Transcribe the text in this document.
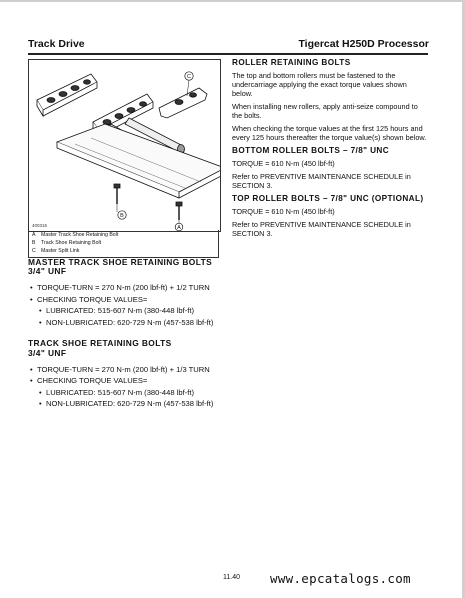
Track Drive	Tigercat H250D Processor
C
B
A
400315
A Master Track Shoe Retaining Bolt
B Track Shoe Retaining Bolt
C Master Split Link
MASTER TRACK SHOE RETAINING BOLTS
3/4" UNF
• TORQUE-TURN = 270 N-m (200 lbf-ft) + 1/2 TURN
• CHECKING TORQUE VALUES=
• LUBRICATED: 515-607 N-m (380-448 lbf-ft)
• NON-LUBRICATED: 620-729 N-m (457-538 lbf-ft)
TRACK SHOE RETAINING BOLTS
3/4" UNF
• TORQUE-TURN = 270 N-m (200 lbf-ft) + 1/3 TURN
• CHECKING TORQUE VALUES=
• LUBRICATED: 515-607 N-m (380-448 lbf-ft)
• NON-LUBRICATED: 620-729 N-m (457-538 lbf-ft)
ROLLER RETAINING BOLTS
The top and bottom rollers must be fastened to the undercarriage applying the exact torque values shown below.
When installing new rollers, apply anti-seize compound to the bolts.
When checking the torque values at the first 125 hours and every 125 hours thereafter the torque value(s) shown below.
BOTTOM ROLLER BOLTS – 7/8" UNC
TORQUE = 610 N-m (450 lbf-ft)
Refer to PREVENTIVE MAINTENANCE SCHEDULE in SECTION 3.
TOP ROLLER BOLTS – 7/8" UNC (OPTIONAL)
TORQUE = 610 N-m (450 lbf-ft)
Refer to PREVENTIVE MAINTENANCE SCHEDULE in SECTION 3.
11.40 www.epcatalogs.com
